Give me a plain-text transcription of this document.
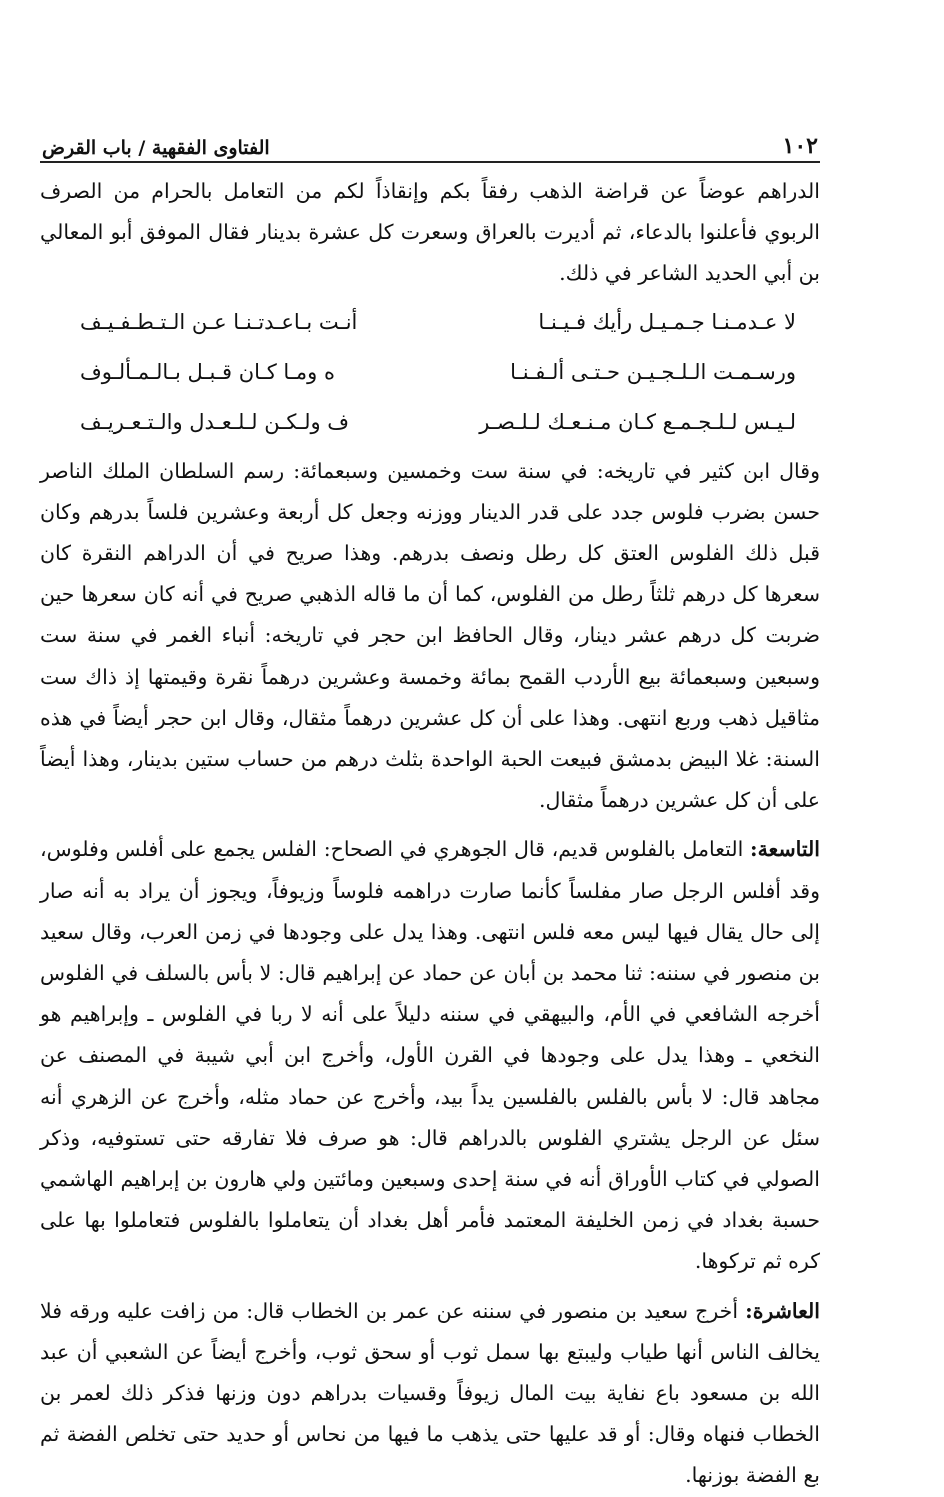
١٠٢
الفتاوى الفقهية / باب القرض

الدراهم عوضاً عن قراضة الذهب رفقاً بكم وإنقاذاً لكم من التعامل بالحرام من الصرف الربوي فأعلنوا بالدعاء، ثم أديرت بالعراق وسعرت كل عشرة بدينار فقال الموفق أبو المعالي بن أبي الحديد الشاعر في ذلك.

لا عـدمـنـا جـمـيـل رأيك فـيـنـا
أنـت بـاعـدتـنـا عـن الـتـطـفـيـف
ورسـمـت الـلـجـيـن حـتـى ألـفـنـا
ه ومـا كـان قـبـل بـالـمـألـوف
لـيـس لـلـجـمـع كـان مـنـعـك لـلـصـر
ف ولـكـن لـلـعـدل والـتـعـريـف

وقال ابن كثير في تاريخه: في سنة ست وخمسين وسبعمائة: رسم السلطان الملك الناصر حسن بضرب فلوس جدد على قدر الدينار ووزنه وجعل كل أربعة وعشرين فلساً بدرهم وكان قبل ذلك الفلوس العتق كل رطل ونصف بدرهم. وهذا صريح في أن الدراهم النقرة كان سعرها كل درهم ثلثاً رطل من الفلوس، كما أن ما قاله الذهبي صريح في أنه كان سعرها حين ضربت كل درهم عشر دينار، وقال الحافظ ابن حجر في تاريخه: أنباء الغمر في سنة ست وسبعين وسبعمائة بيع الأردب القمح بمائة وخمسة وعشرين درهماً نقرة وقيمتها إذ ذاك ست مثاقيل ذهب وربع انتهى. وهذا على أن كل عشرين درهماً مثقال، وقال ابن حجر أيضاً في هذه السنة: غلا البيض بدمشق فبيعت الحبة الواحدة بثلث درهم من حساب ستين بدينار، وهذا أيضاً على أن كل عشرين درهماً مثقال.

التاسعة: التعامل بالفلوس قديم، قال الجوهري في الصحاح: الفلس يجمع على أفلس وفلوس، وقد أفلس الرجل صار مفلساً كأنما صارت دراهمه فلوساً وزيوفاً، ويجوز أن يراد به أنه صار إلى حال يقال فيها ليس معه فلس انتهى. وهذا يدل على وجودها في زمن العرب، وقال سعيد بن منصور في سننه: ثنا محمد بن أبان عن حماد عن إبراهيم قال: لا بأس بالسلف في الفلوس أخرجه الشافعي في الأم، والبيهقي في سننه دليلاً على أنه لا ربا في الفلوس ـ وإبراهيم هو النخعي ـ وهذا يدل على وجودها في القرن الأول، وأخرج ابن أبي شيبة في المصنف عن مجاهد قال: لا بأس بالفلس بالفلسين يداً بيد، وأخرج عن حماد مثله، وأخرج عن الزهري أنه سئل عن الرجل يشتري الفلوس بالدراهم قال: هو صرف فلا تفارقه حتى تستوفيه، وذكر الصولي في كتاب الأوراق أنه في سنة إحدى وسبعين ومائتين ولي هارون بن إبراهيم الهاشمي حسبة بغداد في زمن الخليفة المعتمد فأمر أهل بغداد أن يتعاملوا بالفلوس فتعاملوا بها على كره ثم تركوها.

العاشرة: أخرج سعيد بن منصور في سننه عن عمر بن الخطاب قال: من زافت عليه ورقه فلا يخالف الناس أنها طياب وليبتع بها سمل ثوب أو سحق ثوب، وأخرج أيضاً عن الشعبي أن عبد الله بن مسعود باع نفاية بيت المال زيوفاً وقسيات بدراهم دون وزنها فذكر ذلك لعمر بن الخطاب فنهاه وقال: أو قد عليها حتى يذهب ما فيها من نحاس أو حديد حتى تخلص الفضة ثم بع الفضة بوزنها.
